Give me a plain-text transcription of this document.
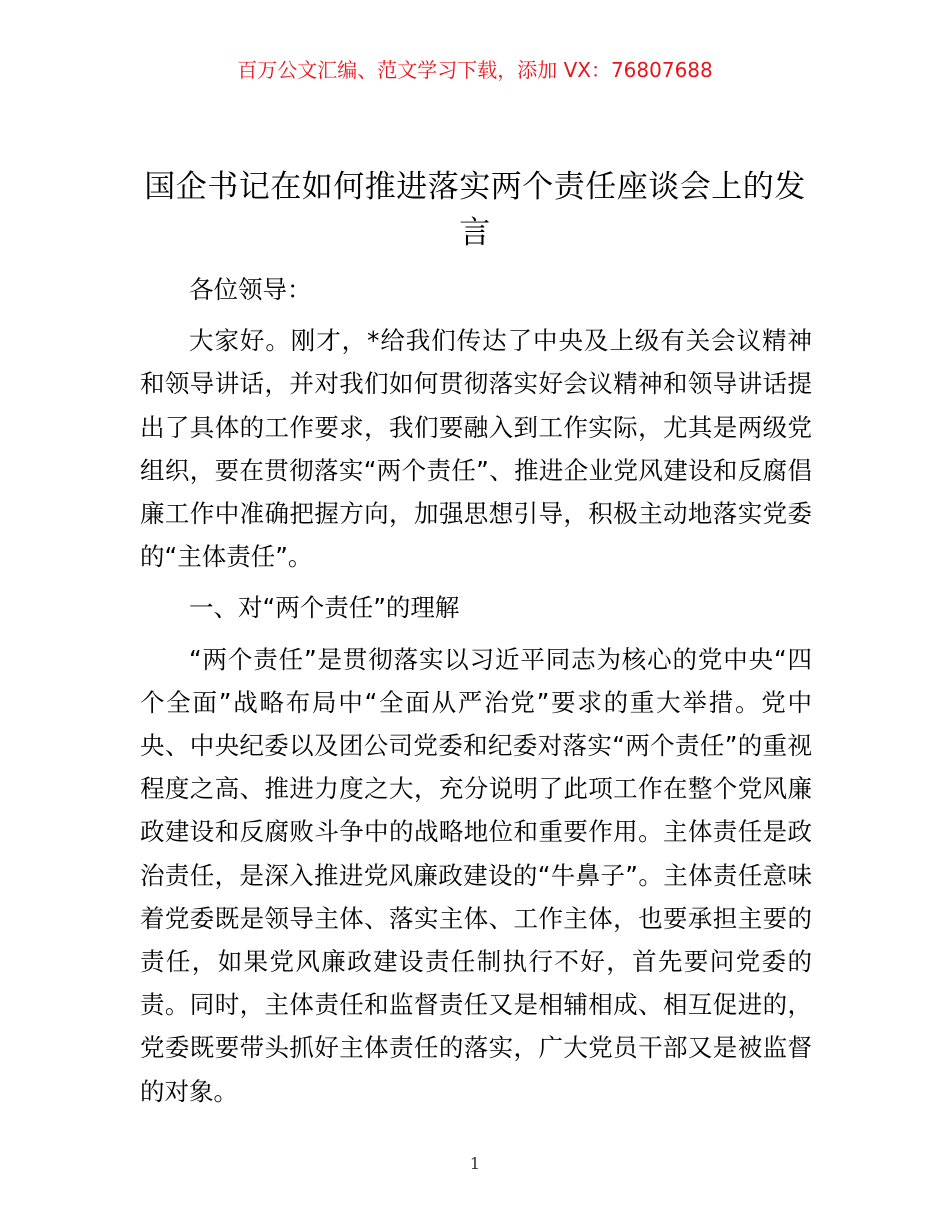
百万公文汇编、范文学习下载，添加 VX：76807688
国企书记在如何推进落实两个责任座谈会上的发言

各位领导：

大家好。刚才，*给我们传达了中央及上级有关会议精神和领导讲话，并对我们如何贯彻落实好会议精神和领导讲话提出了具体的工作要求，我们要融入到工作实际，尤其是两级党组织，要在贯彻落实“两个责任”、推进企业党风建设和反腐倡廉工作中准确把握方向，加强思想引导，积极主动地落实党委的“主体责任”。

一、对“两个责任”的理解

“两个责任”是贯彻落实以习近平同志为核心的党中央“四个全面”战略布局中“全面从严治党”要求的重大举措。党中央、中央纪委以及团公司党委和纪委对落实“两个责任”的重视程度之高、推进力度之大，充分说明了此项工作在整个党风廉政建设和反腐败斗争中的战略地位和重要作用。主体责任是政治责任，是深入推进党风廉政建设的“牛鼻子”。主体责任意味着党委既是领导主体、落实主体、工作主体，也要承担主要的责任，如果党风廉政建设责任制执行不好，首先要问党委的责。同时，主体责任和监督责任又是相辅相成、相互促进的，党委既要带头抓好主体责任的落实，广大党员干部又是被监督的对象。

1
